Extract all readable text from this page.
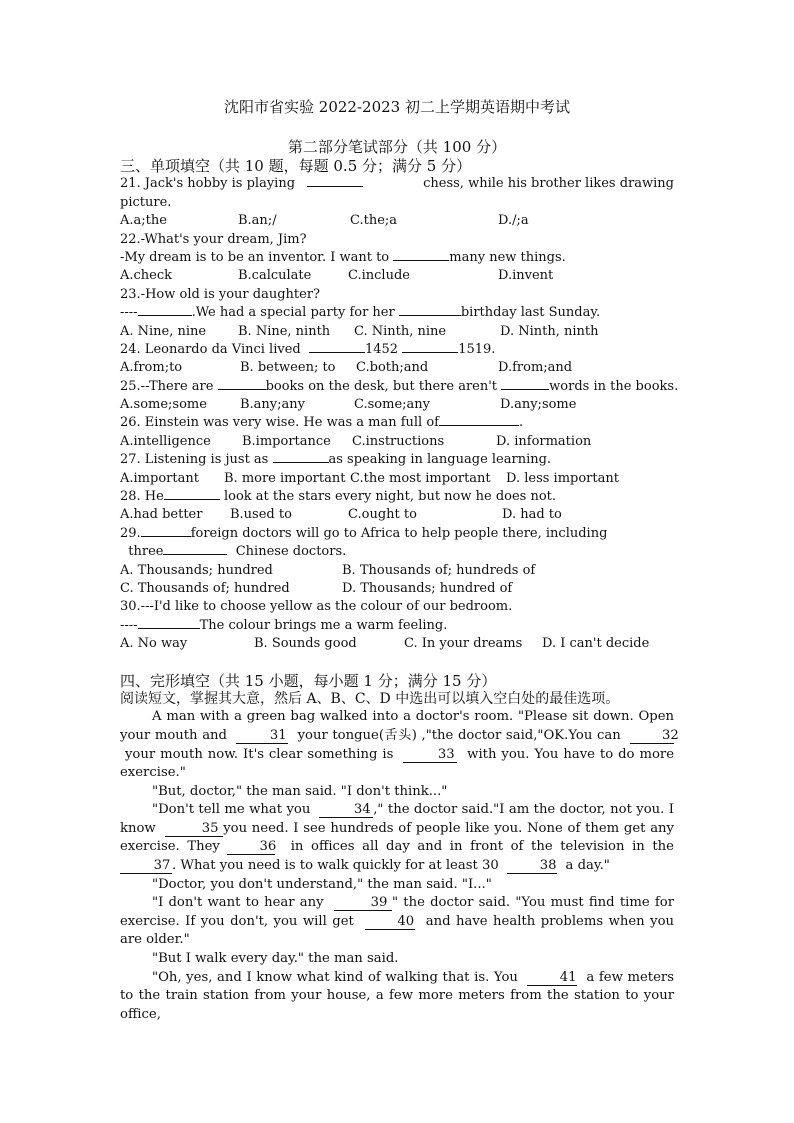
沈阳市省实验 2022-2023 初二上学期英语期中考试
第二部分笔试部分（共 100 分）
三、单项填空（共 10 题，每题 0.5 分；满分 5 分）
21. Jack's hobby is playing	chess, while his brother likes drawing
picture.
A.a;the	B.an;/	C.the;a	D./;a
22.-What's your dream, Jim?
-My dream is to be an inventor. I want to	many new things.
A.check	B.calculate	C.include	D.invent
23.-How old is your daughter?
----	.We had a special party for her	birthday last Sunday.
A. Nine, nine B. Nine, ninth C. Ninth, nine	D. Ninth, ninth
24. Leonardo da Vinci lived	1452	1519.
A.from;to	B. between; to C.both;and	D.from;and
25.--There are	books on the desk, but there aren't	words in the books.
A.some;some	B.any;any	C.some;any	D.any;some
26. Einstein was very wise. He was a man full of	.
A.intelligence B.importance C.instructions	D. information
27. Listening is just as	as speaking in language learning.
A.important B. more important C.the most important D. less important
28. He	look at the stars every night, but now he does not.
A.had better B.used to	C.ought to	D. had to
29.	foreign doctors will go to Africa to help people there, including
three	Chinese doctors.
A. Thousands; hundred	B. Thousands of; hundreds of
C. Thousands of; hundred	D. Thousands; hundred of
30.---I'd like to choose yellow as the colour of our bedroom.
----	The colour brings me a warm feeling.
A. No way	B. Sounds good	C. In your dreams D. I can't decide
四、完形填空（共 15 小题，每小题 1 分；满分 15 分）
阅读短文，掌握其大意，然后 A、B、C、D 中选出可以填入空白处的最佳选项。

A man with a green bag walked into a doctor's room. "Please sit down. Open your mouth and	31 your tongue(舌头) ,"the doctor said,"OK.You can	32 your mouth now. It's clear something is	33 with you. You have to do more exercise."

"But, doctor," the man said. "I don't think..."

"Don't tell me what you	34 ," the doctor said."I am the doctor, not you. I know	35 you need. I see hundreds of people like you. None of them get any exercise. They	36 in offices all day and in front of the television in the37 . What you need is to walk quickly for at least 30	38 a day."

"Doctor, you don't understand," the man said. "I..."

"I don't want to hear any	39 " the doctor said. "You must find time for exercise. If you don't, you will get	40 and have health problems when you are older."

"But I walk every day." the man said.

"Oh, yes, and I know what kind of walking that is. You	41 a few meters to the train station from your house, a few more meters from the station to your office,
